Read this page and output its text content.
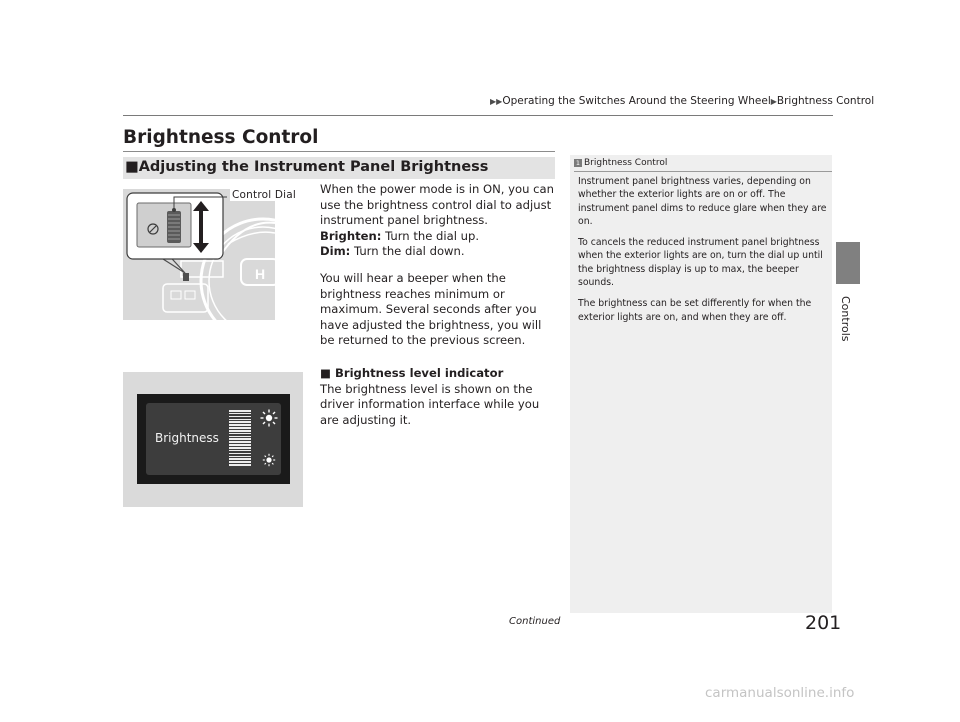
▶▶Operating the Switches Around the Steering Wheel▶Brightness Control
Controls
Brightness Control
■Adjusting the Instrument Panel Brightness
H
Control Dial When the power mode is in ON, you can use the brightness control dial to adjust instrument panel brightness.
Brighten: Turn the dial up.
Dim: Turn the dial down.
You will hear a beeper when the brightness reaches minimum or maximum. Several seconds after you have adjusted the brightness, you will be returned to the previous screen.
■ Brightness level indicator
The brightness level is shown on the driver information interface while you are adjusting it.
Brightness
1 Brightness Control

Instrument panel brightness varies, depending on whether the exterior lights are on or off. The instrument panel dims to reduce glare when they are on.

To cancels the reduced instrument panel brightness when the exterior lights are on, turn the dial up until the brightness display is up to max, the beeper sounds.

The brightness can be set differently for when the exterior lights are on, and when they are off.

Continued	201
carmanualsonline.info
